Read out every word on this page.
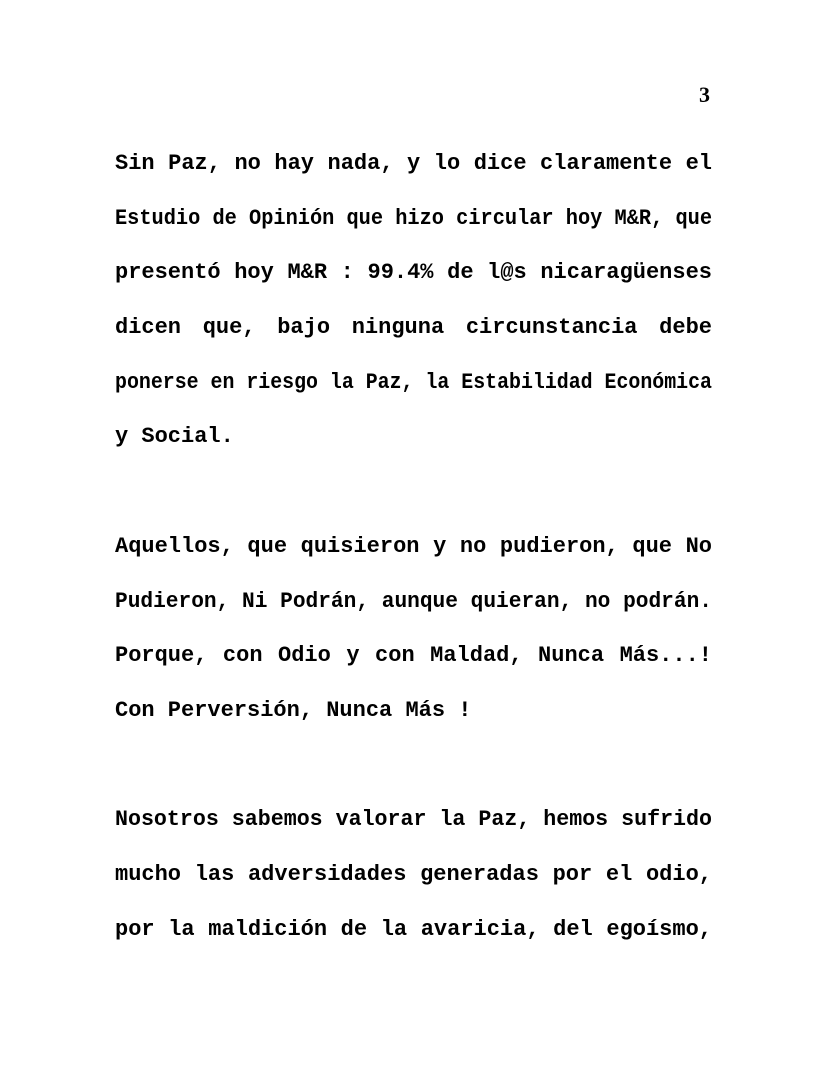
3
Sin Paz, no hay nada, y lo dice claramente el
Estudio de Opinión que hizo circular hoy M&R, que
presentó hoy M&R : 99.4% de l@s nicaragüenses
dicen que, bajo ninguna circunstancia debe
ponerse en riesgo la Paz, la Estabilidad Económica
y Social.
Aquellos, que quisieron y no pudieron, que No
Pudieron, Ni Podrán, aunque quieran, no podrán.
Porque, con Odio y con Maldad, Nunca Más...!
Con Perversión, Nunca Más !
Nosotros sabemos valorar la Paz, hemos sufrido
mucho las adversidades generadas por el odio,
por la maldición de la avaricia, del egoísmo,
